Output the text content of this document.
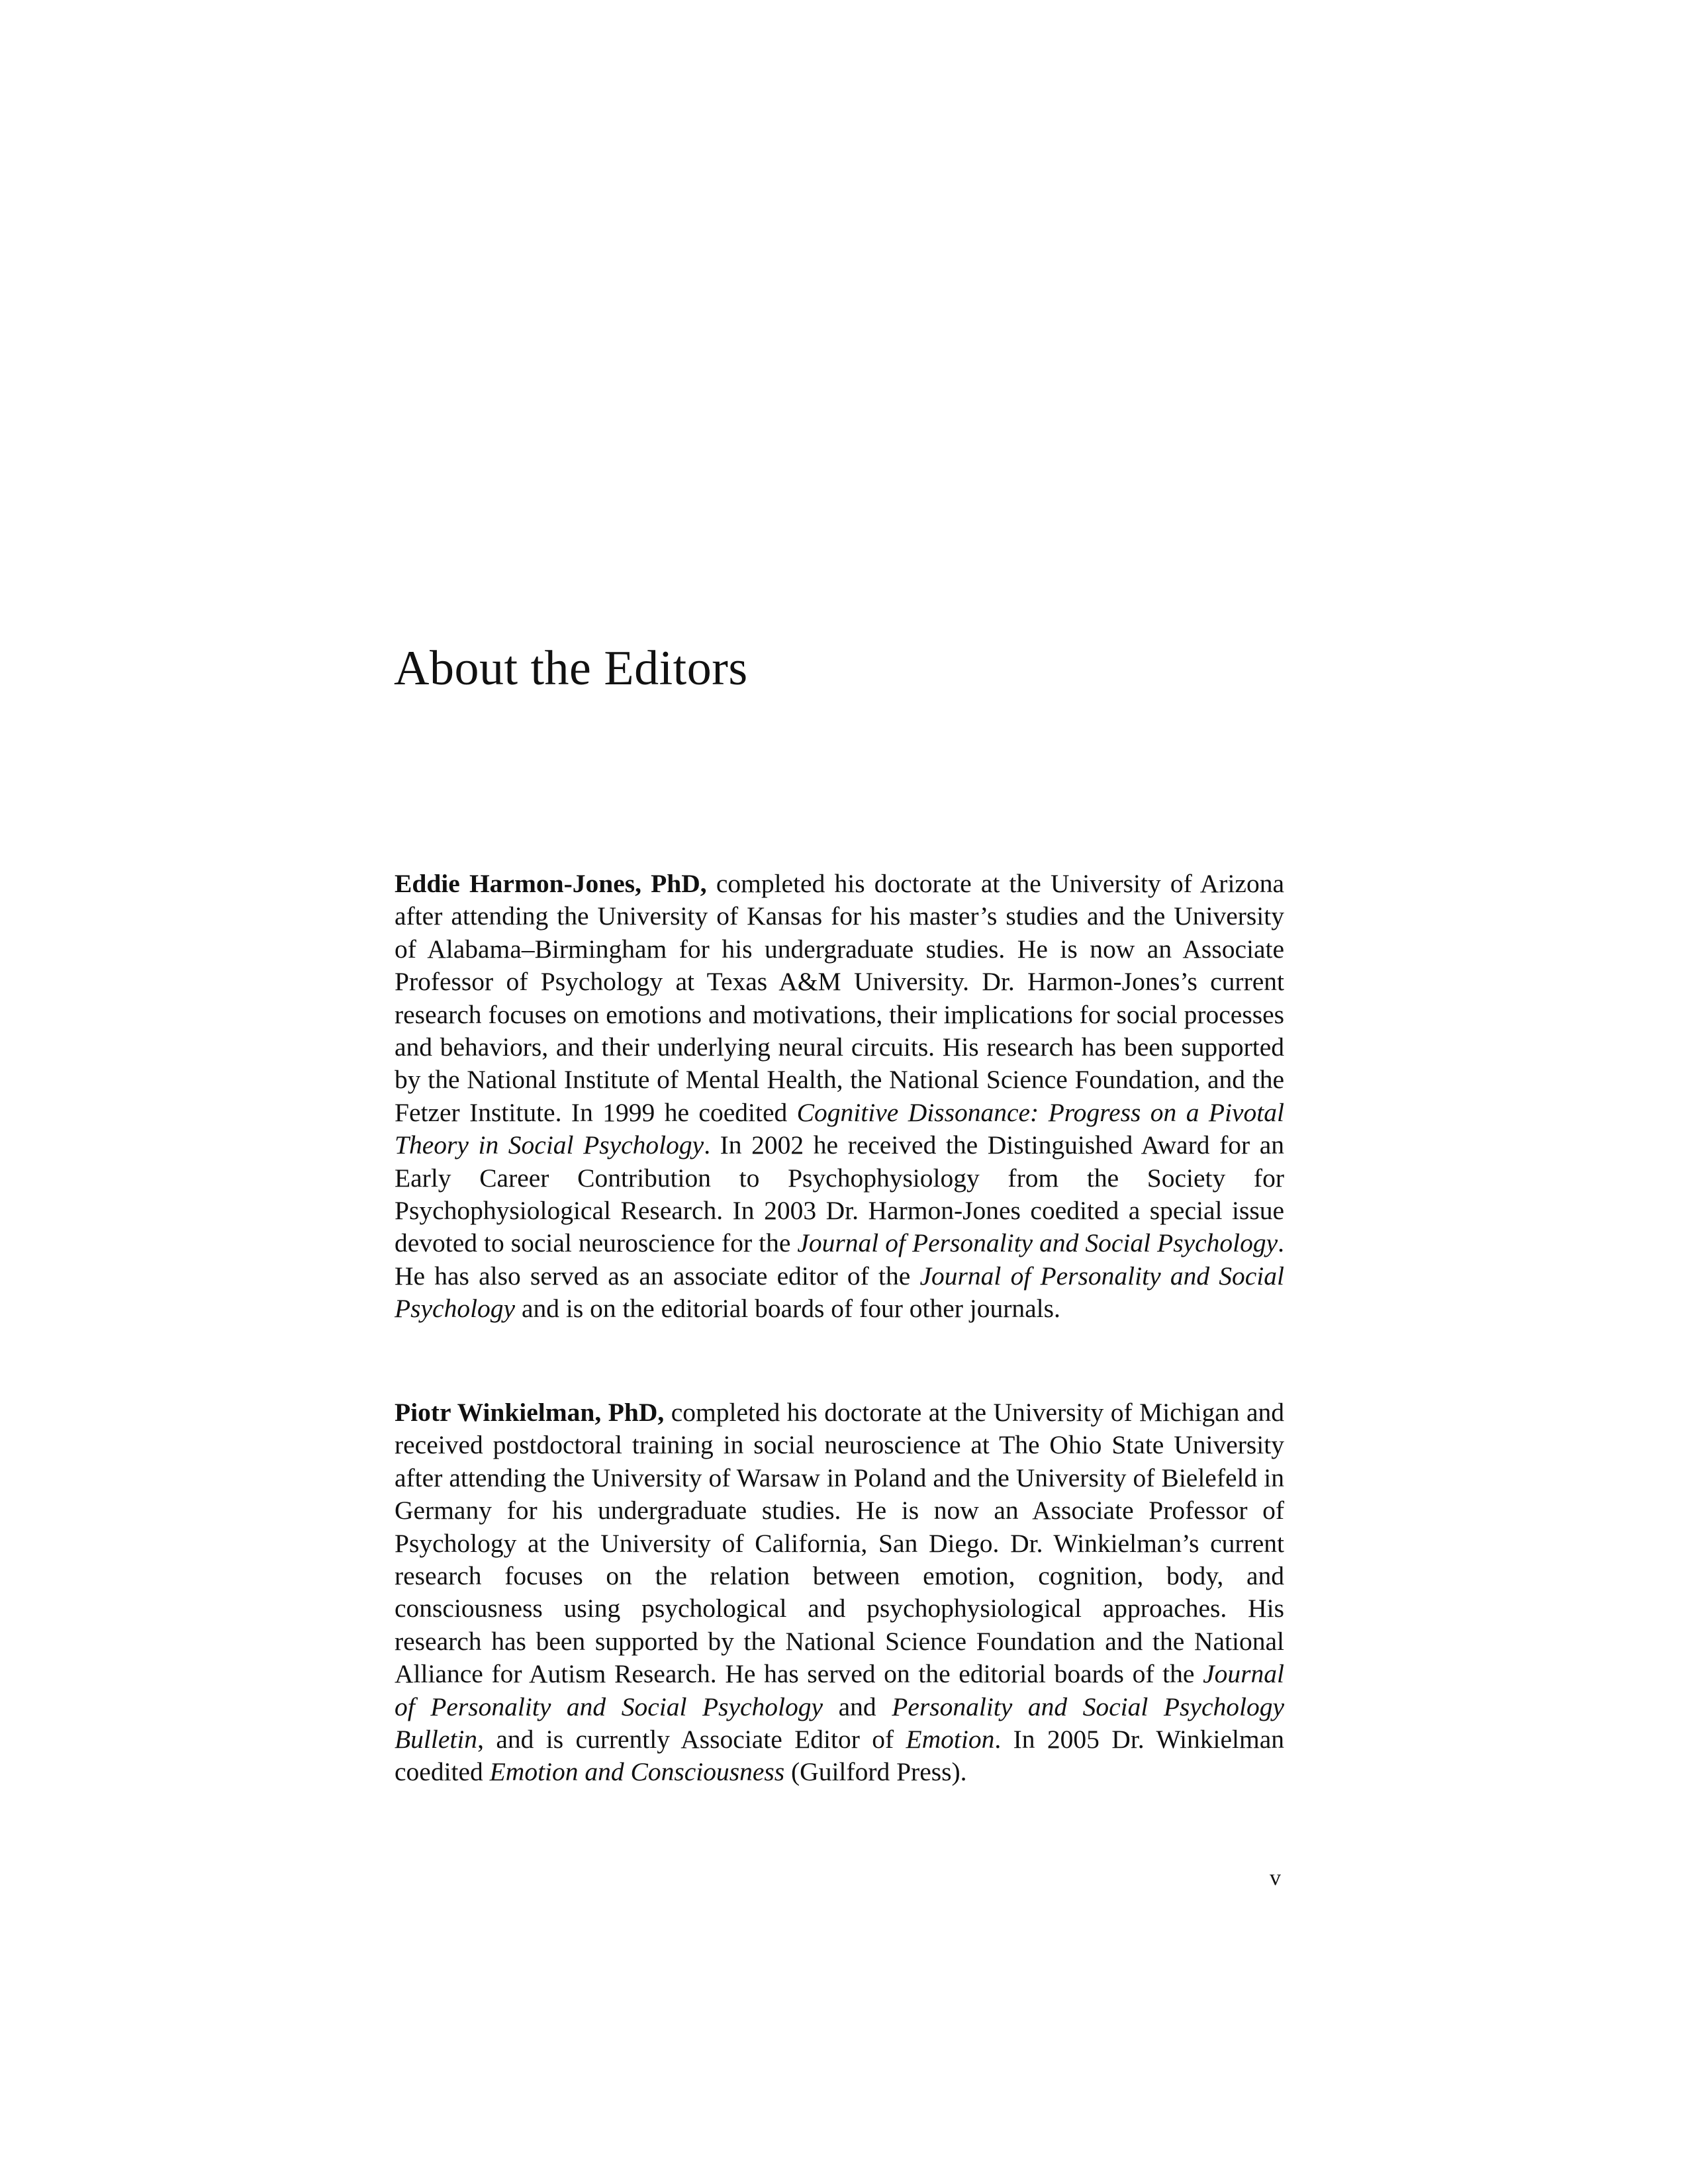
About the Editors

Eddie Harmon-Jones, PhD, completed his doctorate at the University of Arizona after attending the University of Kansas for his master’s studies and the University of Alabama–Birmingham for his undergraduate studies. He is now an Associate Professor of Psychology at Texas A&M University. Dr. Harmon-Jones’s current research focuses on emotions and motivations, their implications for social processes and behaviors, and their underlying neural circuits. His research has been supported by the National Institute of Mental Health, the National Science Foundation, and the Fetzer Institute. In 1999 he coedited Cognitive Dissonance: Progress on a Pivotal Theory in Social Psychology. In 2002 he received the Distinguished Award for an Early Career Contribution to Psychophysiology from the Society for Psychophysiological Research. In 2003 Dr. Harmon-Jones coedited a special issue devoted to social neuroscience for the Journal of Personality and Social Psychology. He has also served as an associate editor of the Journal of Personality and Social Psychology and is on the editorial boards of four other journals.

Piotr Winkielman, PhD, completed his doctorate at the University of Michigan and received postdoctoral training in social neuroscience at The Ohio State University after attending the University of Warsaw in Poland and the University of Bielefeld in Germany for his undergraduate studies. He is now an Associate Professor of Psychology at the University of California, San Diego. Dr. Winkielman’s current research focuses on the relation between emotion, cognition, body, and consciousness using psychological and psychophysiological approaches. His research has been supported by the National Science Foundation and the National Alliance for Autism Research. He has served on the editorial boards of the Journal of Personality and Social Psychology and Personality and Social Psychology Bulletin, and is currently Associate Editor of Emotion. In 2005 Dr. Winkielman coedited Emotion and Consciousness (Guilford Press).

v
